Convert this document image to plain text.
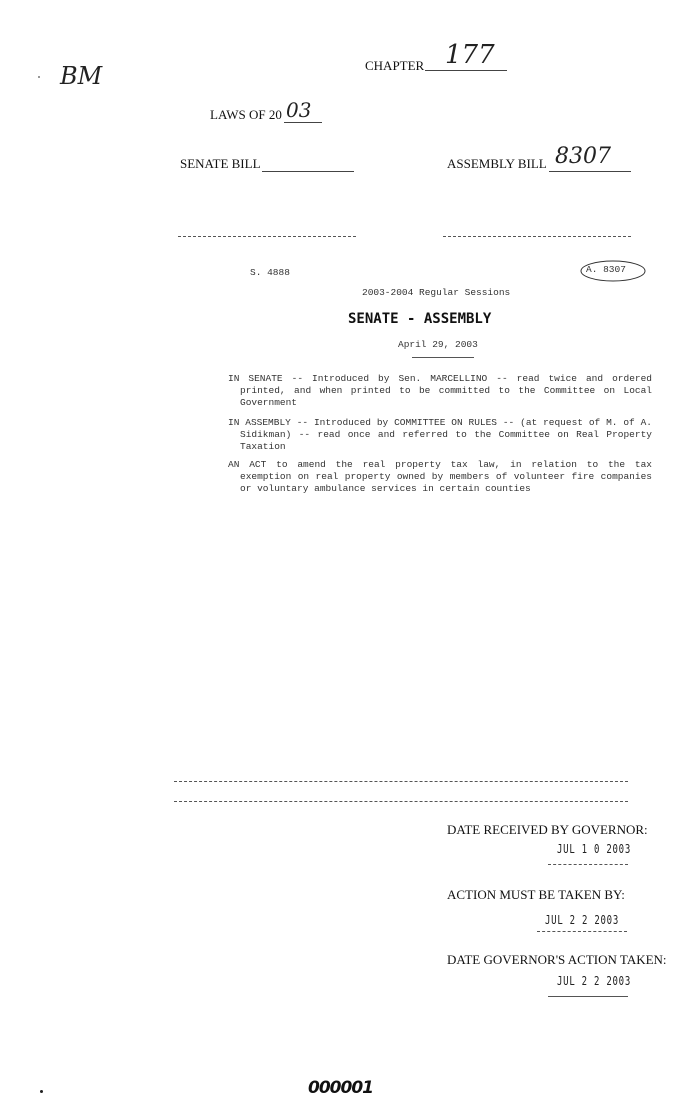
BM	CHAPTER 177
LAWS OF 20 03
SENATE BILL	ASSEMBLY BILL 8307
S. 4888	A. 8307
2003-2004 Regular Sessions
SENATE - ASSEMBLY
April 29, 2003
IN SENATE -- Introduced by Sen. MARCELLINO -- read twice and ordered printed, and when printed to be committed to the Committee on Local Government
IN ASSEMBLY -- Introduced by COMMITTEE ON RULES -- (at request of M. of A. Sidikman) -- read once and referred to the Committee on Real Property Taxation
AN ACT to amend the real property tax law, in relation to the tax exemption on real property owned by members of volunteer fire companies or voluntary ambulance services in certain counties
DATE RECEIVED BY GOVERNOR:
JUL 1 0 2003
ACTION MUST BE TAKEN BY:
JUL 2 2 2003
DATE GOVERNOR'S ACTION TAKEN:
JUL 2 2 2003
000001
